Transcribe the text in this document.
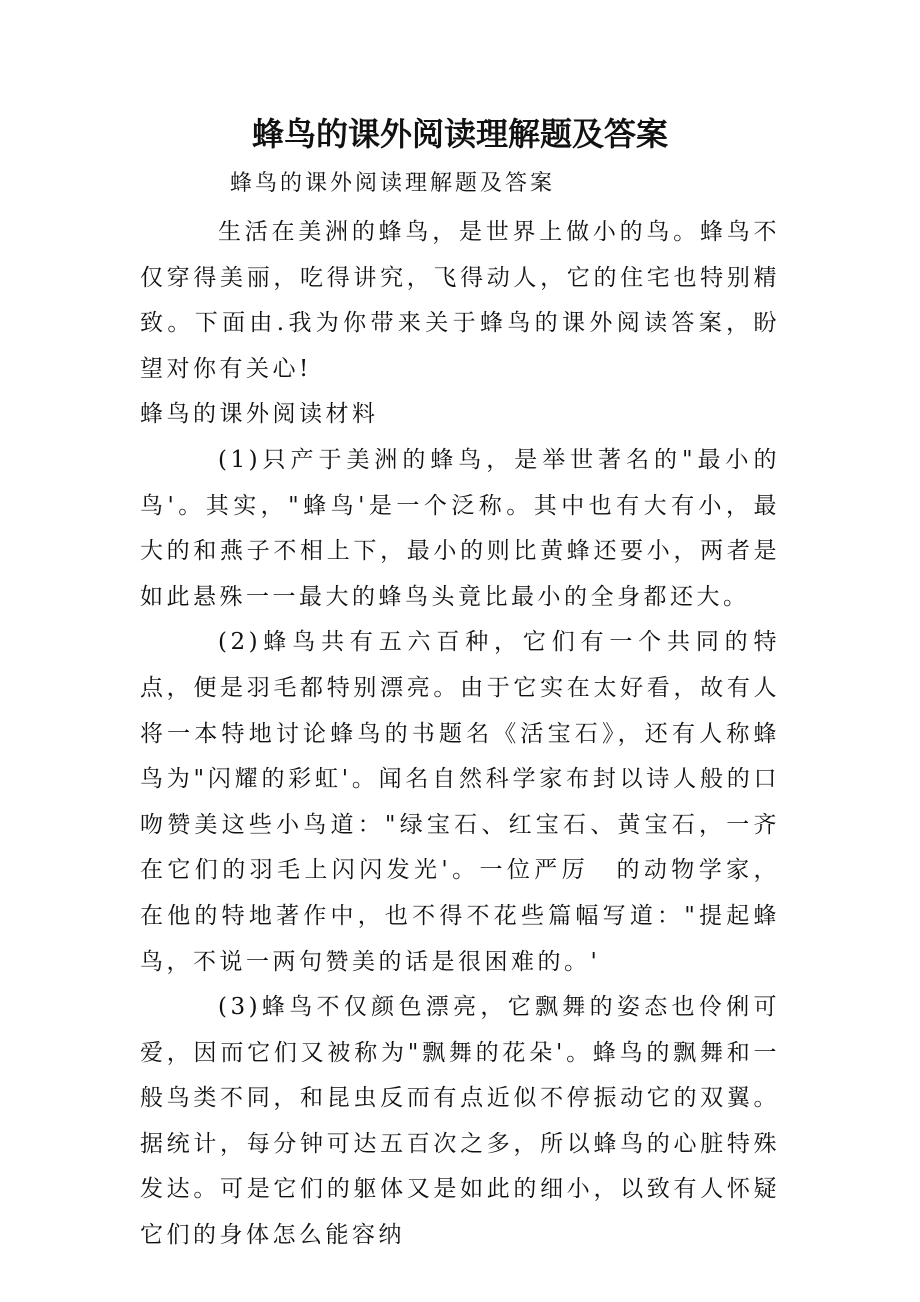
蜂鸟的课外阅读理解题及答案
蜂鸟的课外阅读理解题及答案

生活在美洲的蜂鸟，是世界上做小的鸟。蜂鸟不仅穿得美丽，吃得讲究，飞得动人，它的住宅也特别精致。下面由.我为你带来关于蜂鸟的课外阅读答案，盼望对你有关心!

蜂鸟的课外阅读材料

(1)只产于美洲的蜂鸟，是举世著名的"最小的鸟'。其实，"蜂鸟'是一个泛称。其中也有大有小，最大的和燕子不相上下，最小的则比黄蜂还要小，两者是如此悬殊一一最大的蜂鸟头竟比最小的全身都还大。

(2)蜂鸟共有五六百种，它们有一个共同的特点，便是羽毛都特别漂亮。由于它实在太好看，故有人将一本特地讨论蜂鸟的书题名《活宝石》，还有人称蜂鸟为"闪耀的彩虹'。闻名自然科学家布封以诗人般的口吻赞美这些小鸟道："绿宝石、红宝石、黄宝石，一齐在它们的羽毛上闪闪发光'。一位严厉　的动物学家，在他的特地著作中，也不得不花些篇幅写道："提起蜂鸟，不说一两句赞美的话是很困难的。'

(3)蜂鸟不仅颜色漂亮，它飘舞的姿态也伶俐可爱，因而它们又被称为"飘舞的花朵'。蜂鸟的飘舞和一般鸟类不同，和昆虫反而有点近似不停振动它的双翼。据统计，每分钟可达五百次之多，所以蜂鸟的心脏特殊发达。可是它们的躯体又是如此的细小，以致有人怀疑它们的身体怎么能容纳
